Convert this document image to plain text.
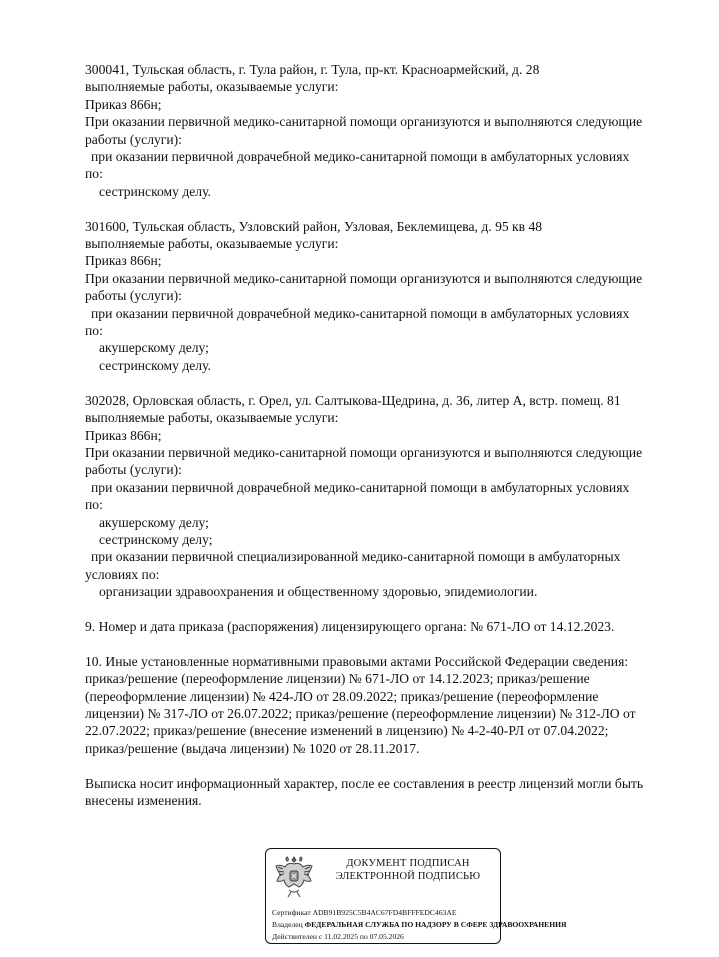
300041, Тульская область, г. Тула район, г. Тула, пр-кт. Красноармейский, д. 28
выполняемые работы, оказываемые услуги:
Приказ 866н;
При оказании первичной медико-санитарной помощи организуются и выполняются следующие
работы (услуги):
при оказании первичной доврачебной медико-санитарной помощи в амбулаторных условиях
по:
сестринскому делу.
301600, Тульская область, Узловский район, Узловая, Беклемищева, д. 95 кв 48
выполняемые работы, оказываемые услуги:
Приказ 866н;
При оказании первичной медико-санитарной помощи организуются и выполняются следующие
работы (услуги):
при оказании первичной доврачебной медико-санитарной помощи в амбулаторных условиях
по:
акушерскому делу;
сестринскому делу.
302028, Орловская область, г. Орел, ул. Салтыкова-Щедрина, д. 36, литер А, встр. помещ. 81
выполняемые работы, оказываемые услуги:
Приказ 866н;
При оказании первичной медико-санитарной помощи организуются и выполняются следующие
работы (услуги):
при оказании первичной доврачебной медико-санитарной помощи в амбулаторных условиях
по:
акушерскому делу;
сестринскому делу;
при оказании первичной специализированной медико-санитарной помощи в амбулаторных
условиях по:
организации здравоохранения и общественному здоровью, эпидемиологии.
9. Номер и дата приказа (распоряжения) лицензирующего органа: № 671-ЛО от 14.12.2023.
10. Иные установленные нормативными правовыми актами Российской Федерации сведения:
приказ/решение (переоформление лицензии) № 671-ЛО от 14.12.2023; приказ/решение
(переоформление лицензии) № 424-ЛО от 28.09.2022; приказ/решение (переоформление
лицензии) № 317-ЛО от 26.07.2022; приказ/решение (переоформление лицензии) № 312-ЛО от
22.07.2022; приказ/решение (внесение изменений в лицензию) № 4-2-40-РЛ от 07.04.2022;
приказ/решение (выдача лицензии) № 1020 от 28.11.2017.
Выписка носит информационный характер, после ее составления в реестр лицензий могли быть
внесены изменения.
ДОКУМЕНТ ПОДПИСАН
ЭЛЕКТРОННОЙ ПОДПИСЬЮ
Сертификат ADB91B925C5B4AC67FD4BFFFEDC463AE
Владелец ФЕДЕРАЛЬНАЯ СЛУЖБА ПО НАДЗОРУ В СФЕРЕ ЗДРАВООХРАНЕНИЯ
Действителен с 11.02.2025 по 07.05.2026
